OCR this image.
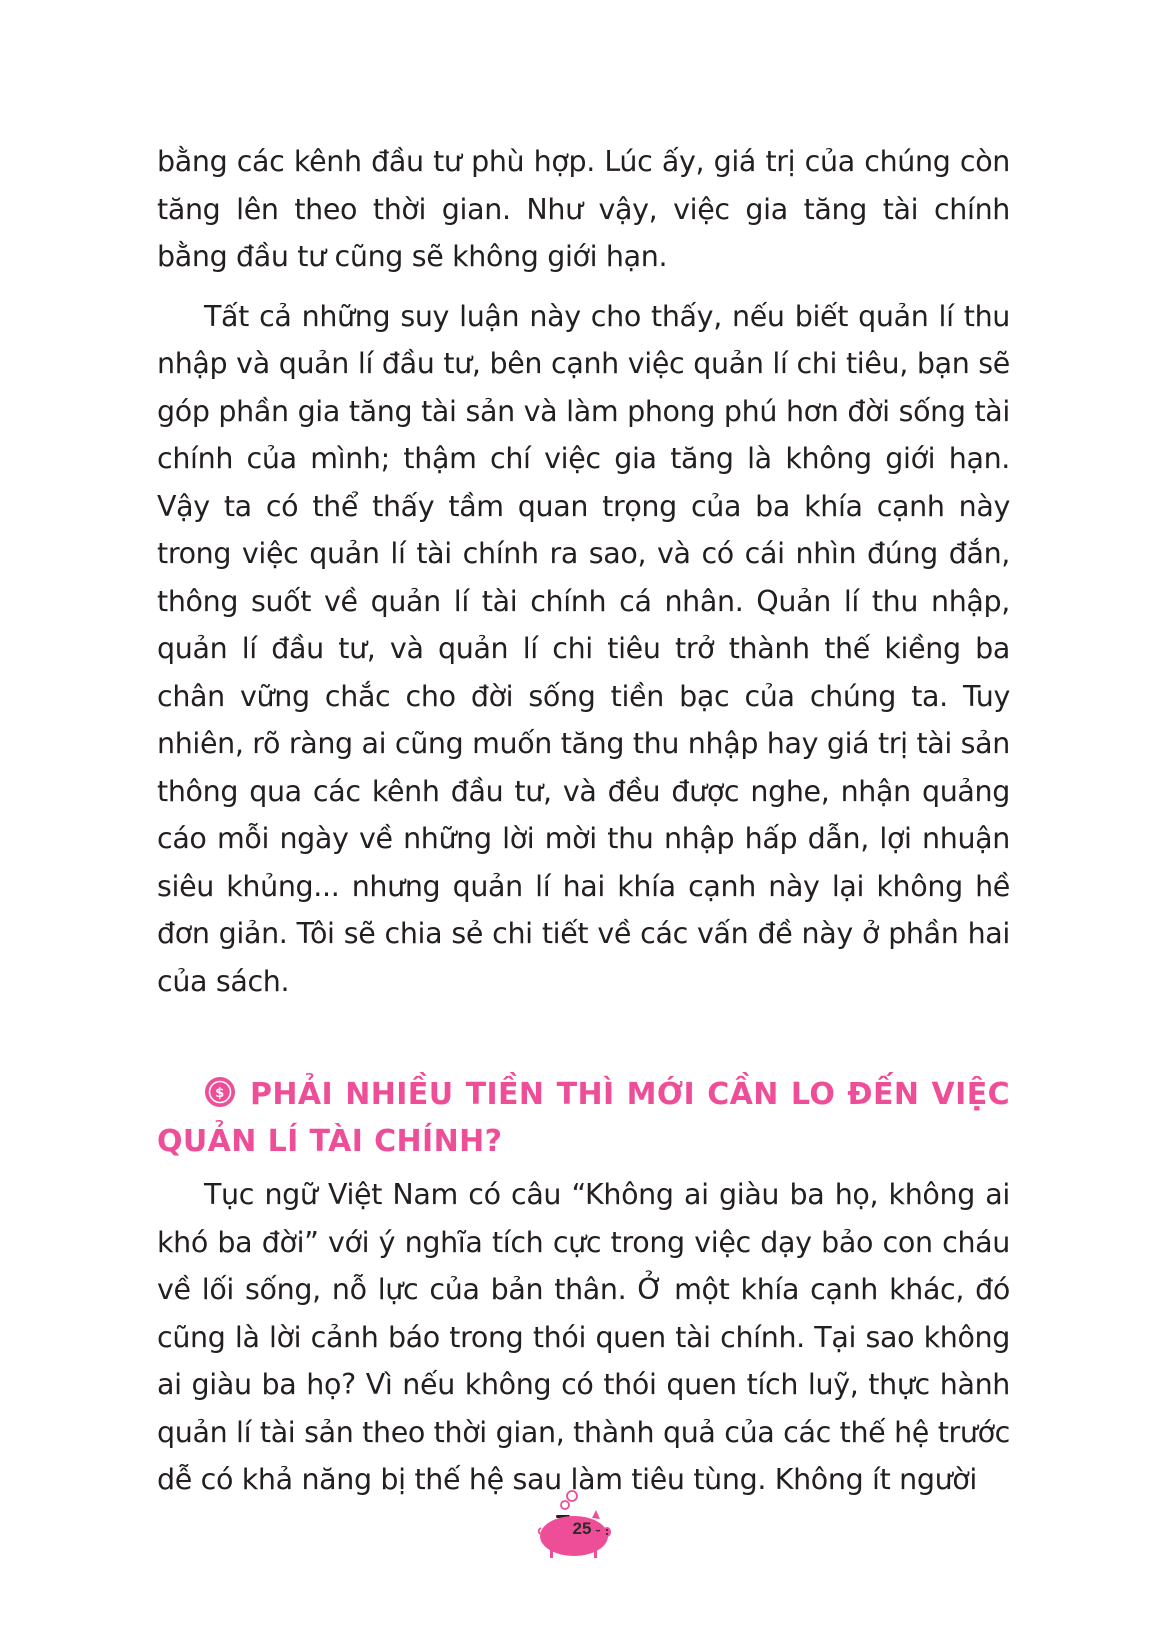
bằng các kênh đầu tư phù hợp. Lúc ấy, giá trị của chúng còn tăng lên theo thời gian. Như vậy, việc gia tăng tài chính bằng đầu tư cũng sẽ không giới hạn.

Tất cả những suy luận này cho thấy, nếu biết quản lí thu nhập và quản lí đầu tư, bên cạnh việc quản lí chi tiêu, bạn sẽ góp phần gia tăng tài sản và làm phong phú hơn đời sống tài chính của mình; thậm chí việc gia tăng là không giới hạn. Vậy ta có thể thấy tầm quan trọng của ba khía cạnh này trong việc quản lí tài chính ra sao, và có cái nhìn đúng đắn, thông suốt về quản lí tài chính cá nhân. Quản lí thu nhập, quản lí đầu tư, và quản lí chi tiêu trở thành thế kiềng ba chân vững chắc cho đời sống tiền bạc của chúng ta. Tuy nhiên, rõ ràng ai cũng muốn tăng thu nhập hay giá trị tài sản thông qua các kênh đầu tư, và đều được nghe, nhận quảng cáo mỗi ngày về những lời mời thu nhập hấp dẫn, lợi nhuận siêu khủng... nhưng quản lí hai khía cạnh này lại không hề đơn giản. Tôi sẽ chia sẻ chi tiết về các vấn đề này ở phần hai của sách.

$ PHẢI NHIỀU TIỀN THÌ MỚI CẦN LO ĐẾN VIỆC QUẢN LÍ TÀI CHÍNH?

Tục ngữ Việt Nam có câu “Không ai giàu ba họ, không ai khó ba đời” với ý nghĩa tích cực trong việc dạy bảo con cháu về lối sống, nỗ lực của bản thân. Ở một khía cạnh khác, đó cũng là lời cảnh báo trong thói quen tài chính. Tại sao không ai giàu ba họ? Vì nếu không có thói quen tích luỹ, thực hành quản lí tài sản theo thời gian, thành quả của các thế hệ trước dễ có khả năng bị thế hệ sau làm tiêu tùng. Không ít người

25
